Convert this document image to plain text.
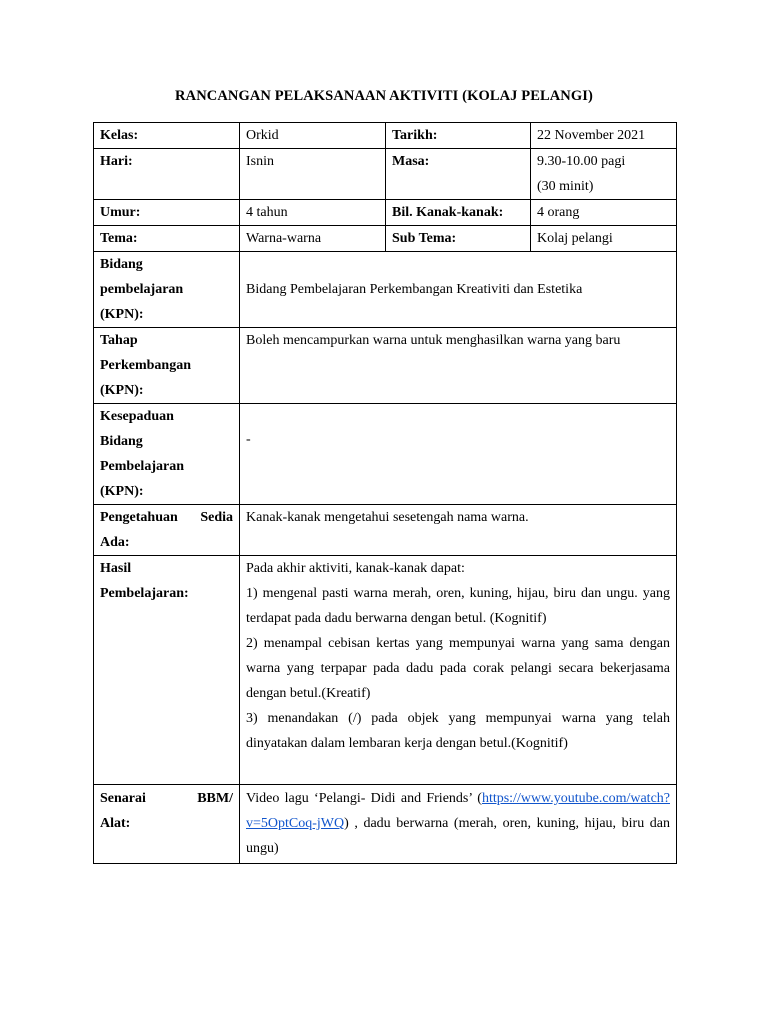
RANCANGAN PELAKSANAAN AKTIVITI (KOLAJ PELANGI)
Kelas:	Orkid	Tarikh:	22 November 2021
Hari:	Isnin	Masa:	9.30-10.00 pagi
(30 minit)

Umur:	4 tahun	Bil. Kanak-kanak:	4 orang
Tema:	Warna-warna	Sub Tema:	Kolaj pelangi

Bidang
pembelajaran
(KPN):	Bidang Pembelajaran Perkembangan Kreativiti dan Estetika		

Tahap
Perkembangan
(KPN):	Boleh mencampurkan warna untuk menghasilkan warna yang baru		

Kesepaduan
Bidang
Pembelajaran
(KPN):	-		

Pengetahuan Sedia
Ada:	Kanak-kanak mengetahui sesetengah nama warna.		

Hasil
Pembelajaran:	Pada akhir aktiviti, kanak-kanak dapat:
1) mengenal pasti warna merah, oren, kuning, hijau, biru dan ungu. yang terdapat pada dadu berwarna dengan betul. (Kognitif)
2) menampal cebisan kertas yang mempunyai warna yang sama dengan warna yang terpapar pada dadu pada corak pelangi secara bekerjasama dengan betul.(Kreatif)
3) menandakan (/) pada objek yang mempunyai warna yang telah dinyatakan dalam lembaran kerja dengan betul.(Kognitif)		

Senarai BBM/
Alat:	Video lagu ‘Pelangi- Didi and Friends’ (https://www.youtube.com/watch?v=5OptCoq-jWQ) , dadu berwarna (merah, oren, kuning, hijau, biru dan ungu)		
